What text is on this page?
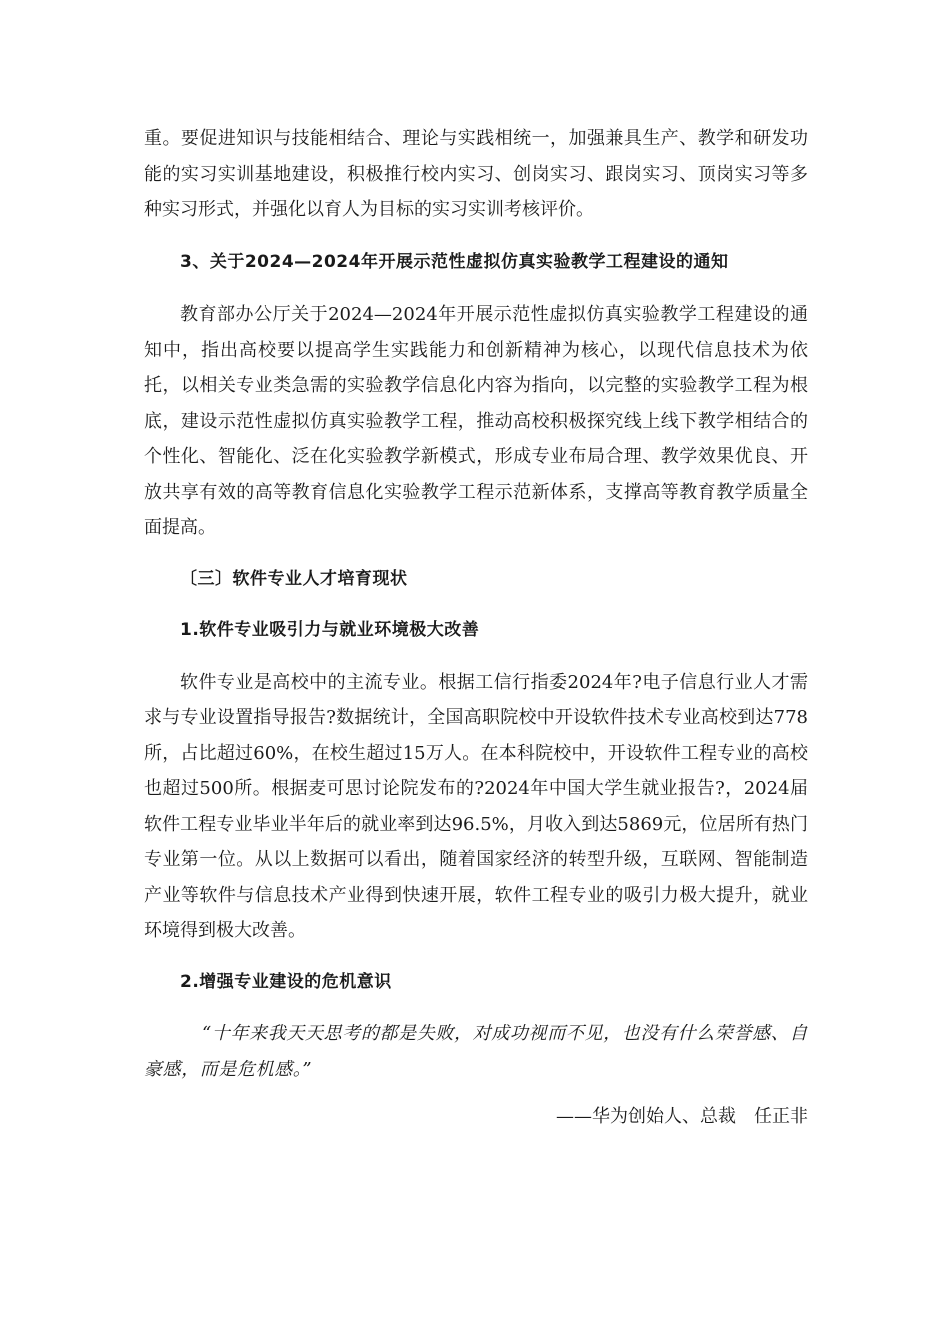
重。要促进知识与技能相结合、理论与实践相统一，加强兼具生产、教学和研发功能的实习实训基地建设，积极推行校内实习、创岗实习、跟岗实习、顶岗实习等多种实习形式，并强化以育人为目标的实习实训考核评价。

3、关于2024—2024年开展示范性虚拟仿真实验教学工程建设的通知

教育部办公厅关于2024—2024年开展示范性虚拟仿真实验教学工程建设的通知中，指出高校要以提高学生实践能力和创新精神为核心，以现代信息技术为依托，以相关专业类急需的实验教学信息化内容为指向，以完整的实验教学工程为根底，建设示范性虚拟仿真实验教学工程，推动高校积极探究线上线下教学相结合的个性化、智能化、泛在化实验教学新模式，形成专业布局合理、教学效果优良、开放共享有效的高等教育信息化实验教学工程示范新体系，支撑高等教育教学质量全面提高。

〔三〕软件专业人才培育现状

1.软件专业吸引力与就业环境极大改善

软件专业是高校中的主流专业。根据工信行指委2024年?电子信息行业人才需求与专业设置指导报告?数据统计，全国高职院校中开设软件技术专业高校到达778所，占比超过60%，在校生超过15万人。在本科院校中，开设软件工程专业的高校也超过500所。根据麦可思讨论院发布的?2024年中国大学生就业报告?，2024届软件工程专业毕业半年后的就业率到达96.5%，月收入到达5869元，位居所有热门专业第一位。从以上数据可以看出，随着国家经济的转型升级，互联网、智能制造产业等软件与信息技术产业得到快速开展，软件工程专业的吸引力极大提升，就业环境得到极大改善。

2.增强专业建设的危机意识

“十年来我天天思考的都是失败，对成功视而不见，也没有什么荣誉感、自豪感，而是危机感。”

——华为创始人、总裁　任正非
